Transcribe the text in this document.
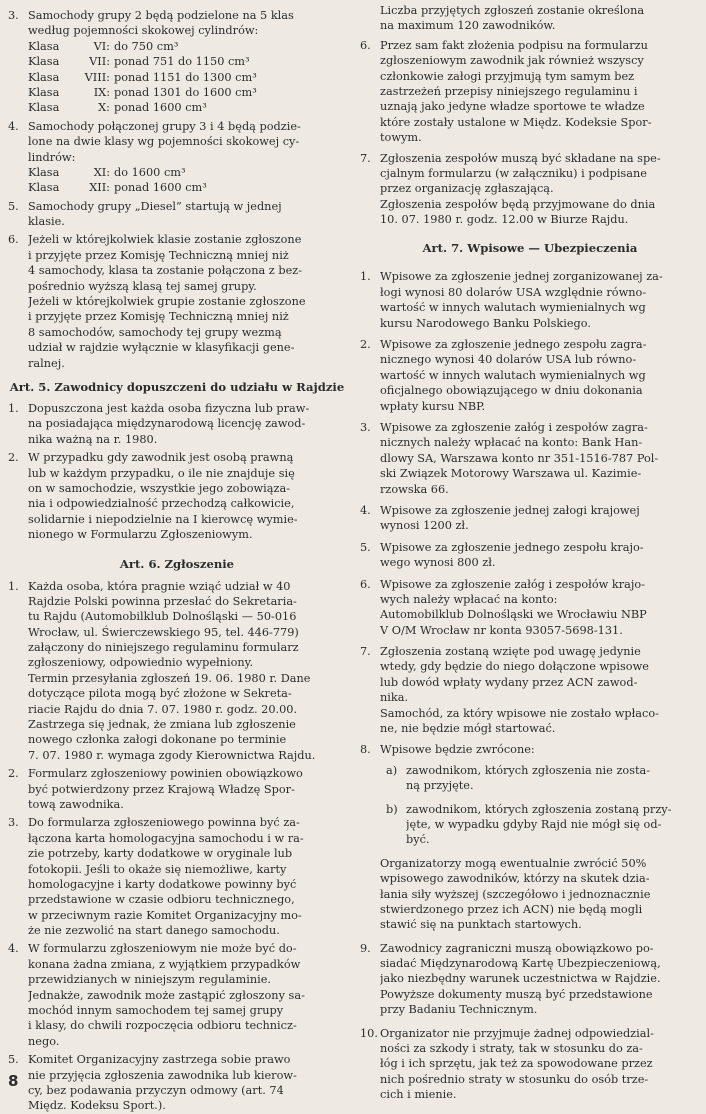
3. Samochody grupy 2 będą podzielone na 5 klas
według pojemności skokowej cylindrów:
Klasa	VI: do 750 cm³
Klasa	VII: ponad 751 do 1150 cm³
Klasa VIII: ponad 1151 do 1300 cm³
Klasa	IX: ponad 1301 do 1600 cm³
Klasa	X: ponad 1600 cm³
4. Samochody połączonej grupy 3 i 4 będą podzie-
lone na dwie klasy wg pojemności skokowej cy-
lindrów:
Klasa	XI: do 1600 cm³
Klasa	XII: ponad 1600 cm³
5. Samochody grupy „Diesel” startują w jednej
klasie.
6. Jeżeli w którejkolwiek klasie zostanie zgłoszone
i przyjęte przez Komisję Techniczną mniej niż
4 samochody, klasa ta zostanie połączona z bez-
pośrednio wyższą klasą tej samej grupy.
Jeżeli w którejkolwiek grupie zostanie zgłoszone
i przyjęte przez Komisję Techniczną mniej niż
8 samochodów, samochody tej grupy wezmą
udział w rajdzie wyłącznie w klasyfikacji gene-
ralnej.
Art. 5. Zawodnicy dopuszczeni do udziału w Rajdzie
1. Dopuszczona jest każda osoba fizyczna lub praw-
na posiadająca międzynarodową licencję zawod-
nika ważną na r. 1980.
2. W przypadku gdy zawodnik jest osobą prawną
lub w każdym przypadku, o ile nie znajduje się
on w samochodzie, wszystkie jego zobowiąza-
nia i odpowiedzialność przechodzą całkowicie,
solidarnie i niepodzielnie na I kierowcę wymie-
nionego w Formularzu Zgłoszeniowym.
Art. 6. Zgłoszenie
1. Każda osoba, która pragnie wziąć udział w 40
Rajdzie Polski powinna przesłać do Sekretaria-
tu Rajdu (Automobilklub Dolnośląski — 50-016
Wrocław, ul. Świerczewskiego 95, tel. 446-779)
załączony do niniejszego regulaminu formularz
zgłoszeniowy, odpowiednio wypełniony.
Termin przesyłania zgłoszeń 19. 06. 1980 r. Dane
dotyczące pilota mogą być złożone w Sekreta-
riacie Rajdu do dnia 7. 07. 1980 r. godz. 20.00.
Zastrzega się jednak, że zmiana lub zgłoszenie
nowego członka załogi dokonane po terminie
7. 07. 1980 r. wymaga zgody Kierownictwa Rajdu.
2. Formularz zgłoszeniowy powinien obowiązkowo
być potwierdzony przez Krajową Władzę Spor-
tową zawodnika.
3. Do formularza zgłoszeniowego powinna być za-
łączona karta homologacyjna samochodu i w ra-
zie potrzeby, karty dodatkowe w oryginale lub
fotokopii. Jeśli to okaże się niemożliwe, karty
homologacyjne i karty dodatkowe powinny być
przedstawione w czasie odbioru technicznego,
w przeciwnym razie Komitet Organizacyjny mo-
że nie zezwolić na start danego samochodu.
4. W formularzu zgłoszeniowym nie może być do-
konana żadna zmiana, z wyjątkiem przypadków
przewidzianych w niniejszym regulaminie.
Jednakże, zawodnik może zastąpić zgłoszony sa-
mochód innym samochodem tej samej grupy
i klasy, do chwili rozpoczęcia odbioru technicz-
nego.
5. Komitet Organizacyjny zastrzega sobie prawo
nie przyjęcia zgłoszenia zawodnika lub kierow-
cy, bez podawania przyczyn odmowy (art. 74
Międz. Kodeksu Sport.).
Liczba przyjętych zgłoszeń zostanie określona
na maximum 120 zawodników.
6. Przez sam fakt złożenia podpisu na formularzu
zgłoszeniowym zawodnik jak również wszyscy
członkowie załogi przyjmują tym samym bez
zastrzeżeń przepisy niniejszego regulaminu i
uznają jako jedyne władze sportowe te władze
które zostały ustalone w Międz. Kodeksie Spor-
towym.
7. Zgłoszenia zespołów muszą być składane na spe-
cjalnym formularzu (w załączniku) i podpisane
przez organizację zgłaszającą.
Zgłoszenia zespołów będą przyjmowane do dnia
10. 07. 1980 r. godz. 12.00 w Biurze Rajdu.
Art. 7. Wpisowe — Ubezpieczenia
1. Wpisowe za zgłoszenie jednej zorganizowanej za-
łogi wynosi 80 dolarów USA względnie równo-
wartość w innych walutach wymienialnych wg
kursu Narodowego Banku Polskiego.
2. Wpisowe za zgłoszenie jednego zespołu zagra-
nicznego wynosi 40 dolarów USA lub równo-
wartość w innych walutach wymienialnych wg
oficjalnego obowiązującego w dniu dokonania
wpłaty kursu NBP.
3. Wpisowe za zgłoszenie załóg i zespołów zagra-
nicznych należy wpłacać na konto: Bank Han-
dlowy SA, Warszawa konto nr 351-1516-787 Pol-
ski Związek Motorowy Warszawa ul. Kazimie-
rzowska 66.
4. Wpisowe za zgłoszenie jednej załogi krajowej
wynosi 1200 zł.
5. Wpisowe za zgłoszenie jednego zespołu krajo-
wego wynosi 800 zł.
6. Wpisowe za zgłoszenie załóg i zespołów krajo-
wych należy wpłacać na konto:
Automobilklub Dolnośląski we Wrocławiu NBP
V O/M Wrocław nr konta 93057-5698-131.
7. Zgłoszenia zostaną wzięte pod uwagę jedynie
wtedy, gdy będzie do niego dołączone wpisowe
lub dowód wpłaty wydany przez ACN zawod-
nika.
Samochód, za który wpisowe nie zostało wpłaco-
ne, nie będzie mógł startować.
8. Wpisowe będzie zwrócone:
a) zawodnikom, których zgłoszenia nie zosta-
ną przyjęte.
b) zawodnikom, których zgłoszenia zostaną przy-
jęte, w wypadku gdyby Rajd nie mógł się od-
być.
Organizatorzy mogą ewentualnie zwrócić 50%
wpisowego zawodników, którzy na skutek dzia-
łania siły wyższej (szczegółowo i jednoznacznie
stwierdzonego przez ich ACN) nie będą mogli
stawić się na punktach startowych.
9. Zawodnicy zagraniczni muszą obowiązkowo po-
siadać Międzynarodową Kartę Ubezpieczeniową,
jako niezbędny warunek uczestnictwa w Rajdzie.
Powyższe dokumenty muszą być przedstawione
przy Badaniu Technicznym.
10. Organizator nie przyjmuje żadnej odpowiedzial-
ności za szkody i straty, tak w stosunku do za-
łóg i ich sprzętu, jak też za spowodowane przez
nich pośrednio straty w stosunku do osób trze-
cich i mienie.
8
